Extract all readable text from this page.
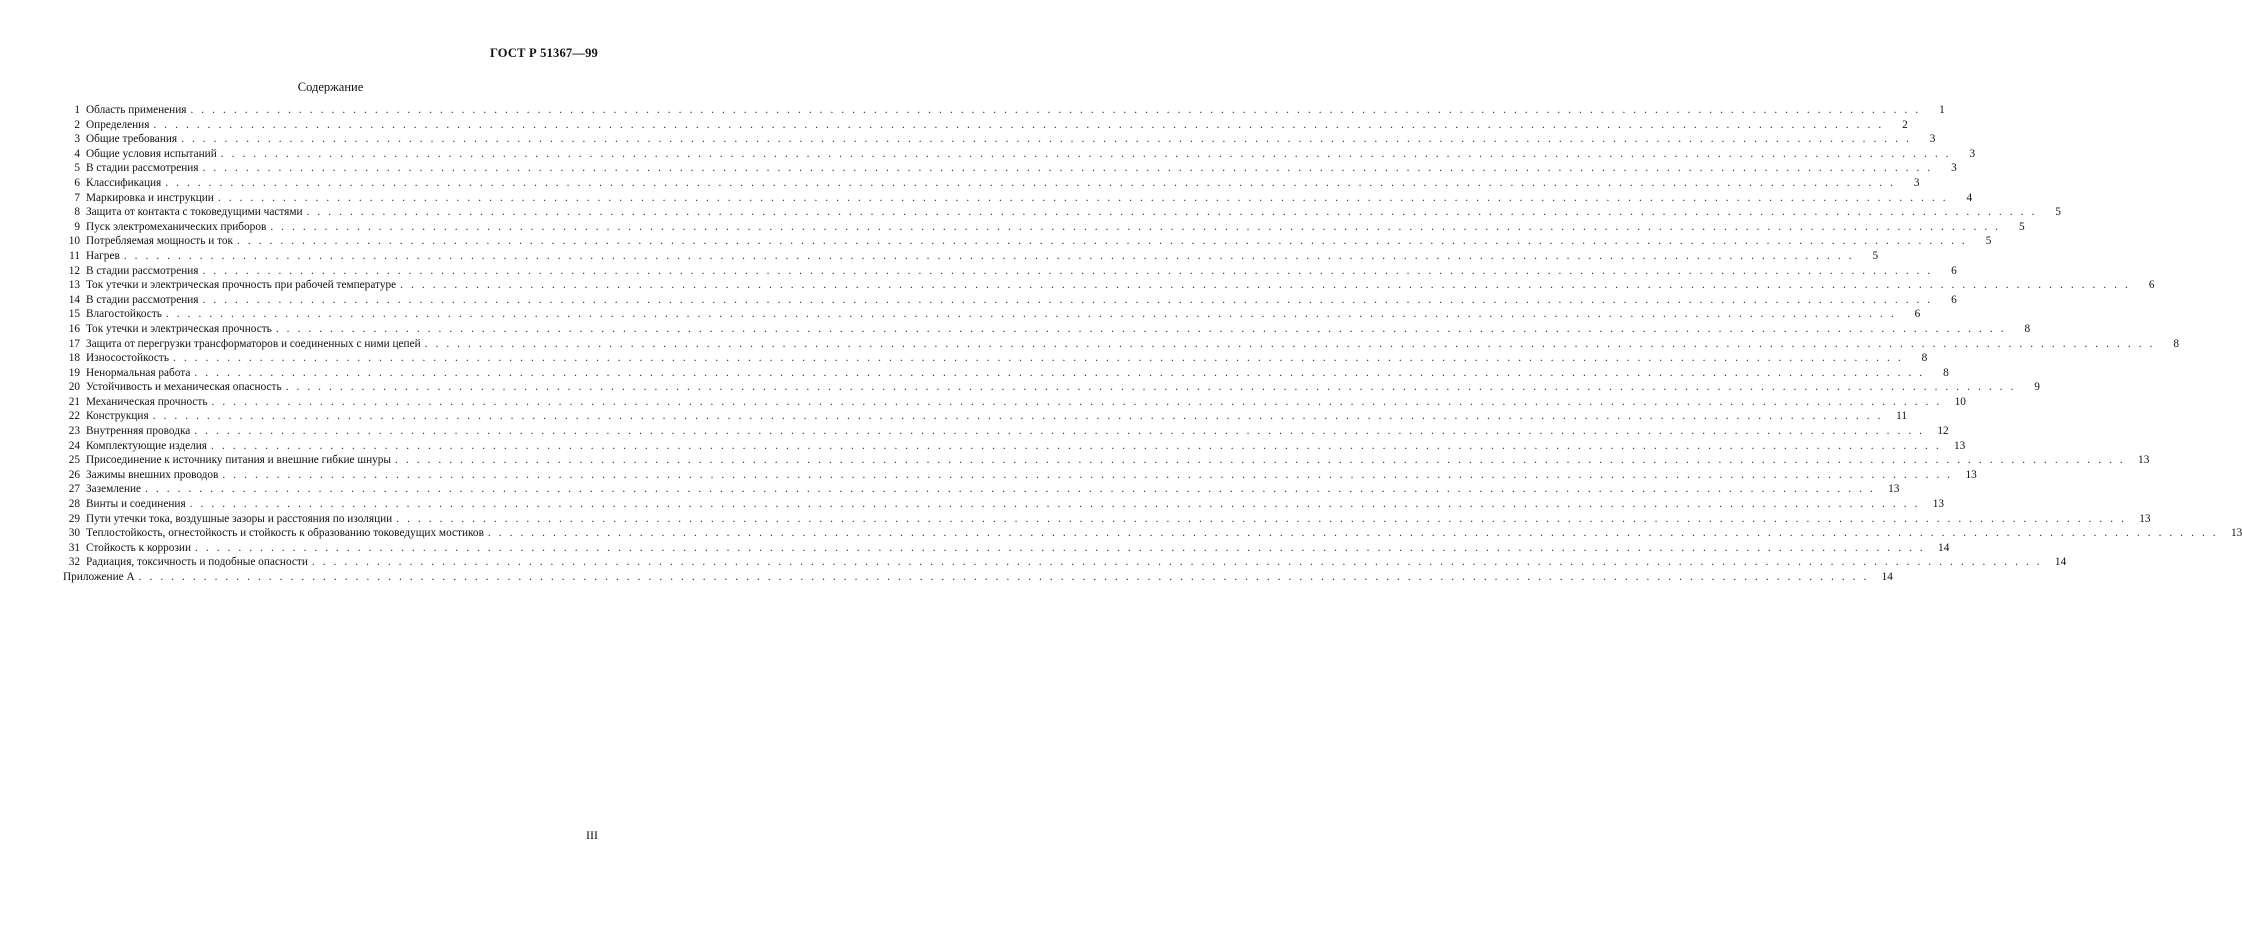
ГОСТ Р 51367—99
Содержание
1 Область применения . . . . . . . . . . . . . . . . . . . . . . . . . . . . . . . . . . . . . . . . . . . . . . . . . . . . . . . . . . . . . . . . . . . . . . . . . . . . . . . . . . . . . . . . . . . . . . . . . . . . . . . . . . . . . . . . . . . . . . . . . . . . . . . . . . . . . . . . . . . . . . . . . . . . . . . . . . . . . . . .	1
2 Определения . . . . . . . . . . . . . . . . . . . . . . . . . . . . . . . . . . . . . . . . . . . . . . . . . . . . . . . . . . . . . . . . . . . . . . . . . . . . . . . . . . . . . . . . . . . . . . . . . . . . . . . . . . . . . . . . . . . . . . . . . . . . . . . . . . . . . . . . . . . . . . . . . . . . . . . . . . . . . . . .	2
3 Общие требования . . . . . . . . . . . . . . . . . . . . . . . . . . . . . . . . . . . . . . . . . . . . . . . . . . . . . . . . . . . . . . . . . . . . . . . . . . . . . . . . . . . . . . . . . . . . . . . . . . . . . . . . . . . . . . . . . . . . . . . . . . . . . . . . . . . . . . . . . . . . . . . . . . . . . . . . . . . . . . . .	3
4 Общие условия испытаний . . . . . . . . . . . . . . . . . . . . . . . . . . . . . . . . . . . . . . . . . . . . . . . . . . . . . . . . . . . . . . . . . . . . . . . . . . . . . . . . . . . . . . . . . . . . . . . . . . . . . . . . . . . . . . . . . . . . . . . . . . . . . . . . . . . . . . . . . . . . . . . . . . . . . . . . . . . . . . . .	3
5 В стадии рассмотрения . . . . . . . . . . . . . . . . . . . . . . . . . . . . . . . . . . . . . . . . . . . . . . . . . . . . . . . . . . . . . . . . . . . . . . . . . . . . . . . . . . . . . . . . . . . . . . . . . . . . . . . . . . . . . . . . . . . . . . . . . . . . . . . . . . . . . . . . . . . . . . . . . . . . . . . . . . . . . . . .	3
6 Классификация . . . . . . . . . . . . . . . . . . . . . . . . . . . . . . . . . . . . . . . . . . . . . . . . . . . . . . . . . . . . . . . . . . . . . . . . . . . . . . . . . . . . . . . . . . . . . . . . . . . . . . . . . . . . . . . . . . . . . . . . . . . . . . . . . . . . . . . . . . . . . . . . . . . . . . . . . . . . . . . .	3
7 Маркировка и инструкции . . . . . . . . . . . . . . . . . . . . . . . . . . . . . . . . . . . . . . . . . . . . . . . . . . . . . . . . . . . . . . . . . . . . . . . . . . . . . . . . . . . . . . . . . . . . . . . . . . . . . . . . . . . . . . . . . . . . . . . . . . . . . . . . . . . . . . . . . . . . . . . . . . . . . . . . . . . . . . . .	4
8 Защита от контакта с токоведущими частями . . . . . . . . . . . . . . . . . . . . . . . . . . . . . . . . . . . . . . . . . . . . . . . . . . . . . . . . . . . . . . . . . . . . . . . . . . . . . . . . . . . . . . . . . . . . . . . . . . . . . . . . . . . . . . . . . . . . . . . . . . . . . . . . . . . . . . . . . . . . . . . . . . . . . . . . . . . . . . . .	5
9 Пуск электромеханических приборов . . . . . . . . . . . . . . . . . . . . . . . . . . . . . . . . . . . . . . . . . . . . . . . . . . . . . . . . . . . . . . . . . . . . . . . . . . . . . . . . . . . . . . . . . . . . . . . . . . . . . . . . . . . . . . . . . . . . . . . . . . . . . . . . . . . . . . . . . . . . . . . . . . . . . . . . . . . . . . . .	5
10 Потребляемая мощность и ток . . . . . . . . . . . . . . . . . . . . . . . . . . . . . . . . . . . . . . . . . . . . . . . . . . . . . . . . . . . . . . . . . . . . . . . . . . . . . . . . . . . . . . . . . . . . . . . . . . . . . . . . . . . . . . . . . . . . . . . . . . . . . . . . . . . . . . . . . . . . . . . . . . . . . . . . . . . . . . . .	5
11 Нагрев . . . . . . . . . . . . . . . . . . . . . . . . . . . . . . . . . . . . . . . . . . . . . . . . . . . . . . . . . . . . . . . . . . . . . . . . . . . . . . . . . . . . . . . . . . . . . . . . . . . . . . . . . . . . . . . . . . . . . . . . . . . . . . . . . . . . . . . . . . . . . . . . . . . . . . . . . . . . . . . .	5
12 В стадии рассмотрения . . . . . . . . . . . . . . . . . . . . . . . . . . . . . . . . . . . . . . . . . . . . . . . . . . . . . . . . . . . . . . . . . . . . . . . . . . . . . . . . . . . . . . . . . . . . . . . . . . . . . . . . . . . . . . . . . . . . . . . . . . . . . . . . . . . . . . . . . . . . . . . . . . . . . . . . . . . . . . . .	6
13 Ток утечки и электрическая прочность при рабочей температуре . . . . . . . . . . . . . . . . . . . . . . . . . . . . . . . . . . . . . . . . . . . . . . . . . . . . . . . . . . . . . . . . . . . . . . . . . . . . . . . . . . . . . . . . . . . . . . . . . . . . . . . . . . . . . . . . . . . . . . . . . . . . . . . . . . . . . . . . . . . . . . . . . . . . . . . . . . . . . . . .	6
14 В стадии рассмотрения . . . . . . . . . . . . . . . . . . . . . . . . . . . . . . . . . . . . . . . . . . . . . . . . . . . . . . . . . . . . . . . . . . . . . . . . . . . . . . . . . . . . . . . . . . . . . . . . . . . . . . . . . . . . . . . . . . . . . . . . . . . . . . . . . . . . . . . . . . . . . . . . . . . . . . . . . . . . . . . .	6
15 Влагостойкость . . . . . . . . . . . . . . . . . . . . . . . . . . . . . . . . . . . . . . . . . . . . . . . . . . . . . . . . . . . . . . . . . . . . . . . . . . . . . . . . . . . . . . . . . . . . . . . . . . . . . . . . . . . . . . . . . . . . . . . . . . . . . . . . . . . . . . . . . . . . . . . . . . . . . . . . . . . . . . . .	6
16 Ток утечки и электрическая прочность . . . . . . . . . . . . . . . . . . . . . . . . . . . . . . . . . . . . . . . . . . . . . . . . . . . . . . . . . . . . . . . . . . . . . . . . . . . . . . . . . . . . . . . . . . . . . . . . . . . . . . . . . . . . . . . . . . . . . . . . . . . . . . . . . . . . . . . . . . . . . . . . . . . . . . . . . . . . . . . .	8
17 Защита от перегрузки трансформаторов и соединенных с ними цепей . . . . . . . . . . . . . . . . . . . . . . . . . . . . . . . . . . . . . . . . . . . . . . . . . . . . . . . . . . . . . . . . . . . . . . . . . . . . . . . . . . . . . . . . . . . . . . . . . . . . . . . . . . . . . . . . . . . . . . . . . . . . . . . . . . . . . . . . . . . . . . . . . . . . . . . . . . . . . . . .	8
18 Износостойкость . . . . . . . . . . . . . . . . . . . . . . . . . . . . . . . . . . . . . . . . . . . . . . . . . . . . . . . . . . . . . . . . . . . . . . . . . . . . . . . . . . . . . . . . . . . . . . . . . . . . . . . . . . . . . . . . . . . . . . . . . . . . . . . . . . . . . . . . . . . . . . . . . . . . . . . . . . . . . . . .	8
19 Ненормальная работа . . . . . . . . . . . . . . . . . . . . . . . . . . . . . . . . . . . . . . . . . . . . . . . . . . . . . . . . . . . . . . . . . . . . . . . . . . . . . . . . . . . . . . . . . . . . . . . . . . . . . . . . . . . . . . . . . . . . . . . . . . . . . . . . . . . . . . . . . . . . . . . . . . . . . . . . . . . . . . . .	8
20 Устойчивость и механическая опасность . . . . . . . . . . . . . . . . . . . . . . . . . . . . . . . . . . . . . . . . . . . . . . . . . . . . . . . . . . . . . . . . . . . . . . . . . . . . . . . . . . . . . . . . . . . . . . . . . . . . . . . . . . . . . . . . . . . . . . . . . . . . . . . . . . . . . . . . . . . . . . . . . . . . . . . . . . . . . . . .	9
21 Механическая прочность . . . . . . . . . . . . . . . . . . . . . . . . . . . . . . . . . . . . . . . . . . . . . . . . . . . . . . . . . . . . . . . . . . . . . . . . . . . . . . . . . . . . . . . . . . . . . . . . . . . . . . . . . . . . . . . . . . . . . . . . . . . . . . . . . . . . . . . . . . . . . . . . . . . . . . . . . . . . . . . .	10
22 Конструкция . . . . . . . . . . . . . . . . . . . . . . . . . . . . . . . . . . . . . . . . . . . . . . . . . . . . . . . . . . . . . . . . . . . . . . . . . . . . . . . . . . . . . . . . . . . . . . . . . . . . . . . . . . . . . . . . . . . . . . . . . . . . . . . . . . . . . . . . . . . . . . . . . . . . . . . . . . . . . . . .	11
23 Внутренняя проводка . . . . . . . . . . . . . . . . . . . . . . . . . . . . . . . . . . . . . . . . . . . . . . . . . . . . . . . . . . . . . . . . . . . . . . . . . . . . . . . . . . . . . . . . . . . . . . . . . . . . . . . . . . . . . . . . . . . . . . . . . . . . . . . . . . . . . . . . . . . . . . . . . . . . . . . . . . . . . . . .	12
24 Комплектующие изделия . . . . . . . . . . . . . . . . . . . . . . . . . . . . . . . . . . . . . . . . . . . . . . . . . . . . . . . . . . . . . . . . . . . . . . . . . . . . . . . . . . . . . . . . . . . . . . . . . . . . . . . . . . . . . . . . . . . . . . . . . . . . . . . . . . . . . . . . . . . . . . . . . . . . . . . . . . . . . . . .	13
25 Присоединение к источнику питания и внешние гибкие шнуры . . . . . . . . . . . . . . . . . . . . . . . . . . . . . . . . . . . . . . . . . . . . . . . . . . . . . . . . . . . . . . . . . . . . . . . . . . . . . . . . . . . . . . . . . . . . . . . . . . . . . . . . . . . . . . . . . . . . . . . . . . . . . . . . . . . . . . . . . . . . . . . . . . . . . . . . . . . . . . . .	13
26 Зажимы внешних проводов . . . . . . . . . . . . . . . . . . . . . . . . . . . . . . . . . . . . . . . . . . . . . . . . . . . . . . . . . . . . . . . . . . . . . . . . . . . . . . . . . . . . . . . . . . . . . . . . . . . . . . . . . . . . . . . . . . . . . . . . . . . . . . . . . . . . . . . . . . . . . . . . . . . . . . . . . . . . . . . .	13
27 Заземление . . . . . . . . . . . . . . . . . . . . . . . . . . . . . . . . . . . . . . . . . . . . . . . . . . . . . . . . . . . . . . . . . . . . . . . . . . . . . . . . . . . . . . . . . . . . . . . . . . . . . . . . . . . . . . . . . . . . . . . . . . . . . . . . . . . . . . . . . . . . . . . . . . . . . . . . . . . . . . . .	13
28 Винты и соединения . . . . . . . . . . . . . . . . . . . . . . . . . . . . . . . . . . . . . . . . . . . . . . . . . . . . . . . . . . . . . . . . . . . . . . . . . . . . . . . . . . . . . . . . . . . . . . . . . . . . . . . . . . . . . . . . . . . . . . . . . . . . . . . . . . . . . . . . . . . . . . . . . . . . . . . . . . . . . . . .	13
29 Пути утечки тока, воздушные зазоры и расстояния по изоляции . . . . . . . . . . . . . . . . . . . . . . . . . . . . . . . . . . . . . . . . . . . . . . . . . . . . . . . . . . . . . . . . . . . . . . . . . . . . . . . . . . . . . . . . . . . . . . . . . . . . . . . . . . . . . . . . . . . . . . . . . . . . . . . . . . . . . . . . . . . . . . . . . . . . . . . . . . . . . . . .	13
30 Теплостойкость, огнестойкость и стойкость к образованию токоведущих мостиков . . . . . . . . . . . . . . . . . . . . . . . . . . . . . . . . . . . . . . . . . . . . . . . . . . . . . . . . . . . . . . . . . . . . . . . . . . . . . . . . . . . . . . . . . . . . . . . . . . . . . . . . . . . . . . . . . . . . . . . . . . . . . . . . . . . . . . . . . . . . . . . . . . . . . . . . . . . . . . . .	13
31 Стойкость к коррозии . . . . . . . . . . . . . . . . . . . . . . . . . . . . . . . . . . . . . . . . . . . . . . . . . . . . . . . . . . . . . . . . . . . . . . . . . . . . . . . . . . . . . . . . . . . . . . . . . . . . . . . . . . . . . . . . . . . . . . . . . . . . . . . . . . . . . . . . . . . . . . . . . . . . . . . . . . . . . . . .	14
32 Радиация, токсичность и подобные опасности . . . . . . . . . . . . . . . . . . . . . . . . . . . . . . . . . . . . . . . . . . . . . . . . . . . . . . . . . . . . . . . . . . . . . . . . . . . . . . . . . . . . . . . . . . . . . . . . . . . . . . . . . . . . . . . . . . . . . . . . . . . . . . . . . . . . . . . . . . . . . . . . . . . . . . . . . . . . . . . .	14
Приложение А . . . . . . . . . . . . . . . . . . . . . . . . . . . . . . . . . . . . . . . . . . . . . . . . . . . . . . . . . . . . . . . . . . . . . . . . . . . . . . . . . . . . . . . . . . . . . . . . . . . . . . . . . . . . . . . . . . . . . . . . . . . . . . . . . . . . . . . . . . . . . . . . . . . . . . . . . . . . . . . .	14
III
